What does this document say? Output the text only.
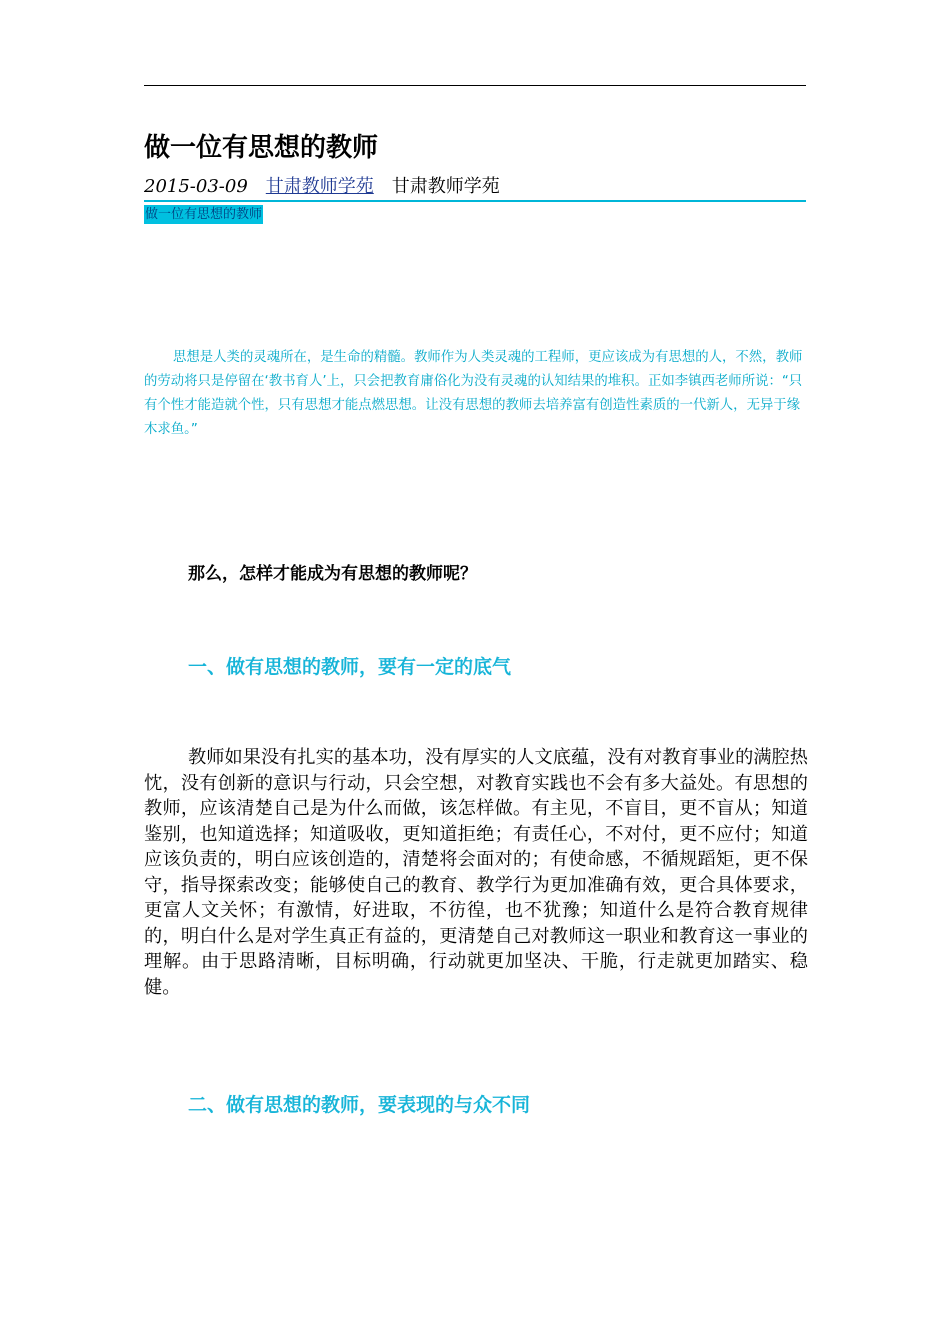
做一位有思想的教师
2015-03-09 甘肃教师学苑 甘肃教师学苑
做一位有思想的教师

思想是人类的灵魂所在，是生命的精髓。教师作为人类灵魂的工程师，更应该成为有思想的人，不然，教师的劳动将只是停留在‘教书育人’上，只会把教育庸俗化为没有灵魂的认知结果的堆积。正如李镇西老师所说：“只有个性才能造就个性，只有思想才能点燃思想。让没有思想的教师去培养富有创造性素质的一代新人，无异于缘木求鱼。”

那么，怎样才能成为有思想的教师呢？
一、做有思想的教师，要有一定的底气

教师如果没有扎实的基本功，没有厚实的人文底蕴，没有对教育事业的满腔热忱，没有创新的意识与行动，只会空想，对教育实践也不会有多大益处。有思想的教师，应该清楚自己是为什么而做，该怎样做。有主见，不盲目，更不盲从；知道鉴别，也知道选择；知道吸收，更知道拒绝；有责任心，不对付，更不应付；知道应该负责的，明白应该创造的，清楚将会面对的；有使命感，不循规蹈矩，更不保守，指导探索改变；能够使自己的教育、教学行为更加准确有效，更合具体要求，更富人文关怀；有激情，好进取，不彷徨，也不犹豫；知道什么是符合教育规律的，明白什么是对学生真正有益的，更清楚自己对教师这一职业和教育这一事业的理解。由于思路清晰，目标明确，行动就更加坚决、干脆，行走就更加踏实、稳健。

二、做有思想的教师，要表现的与众不同
